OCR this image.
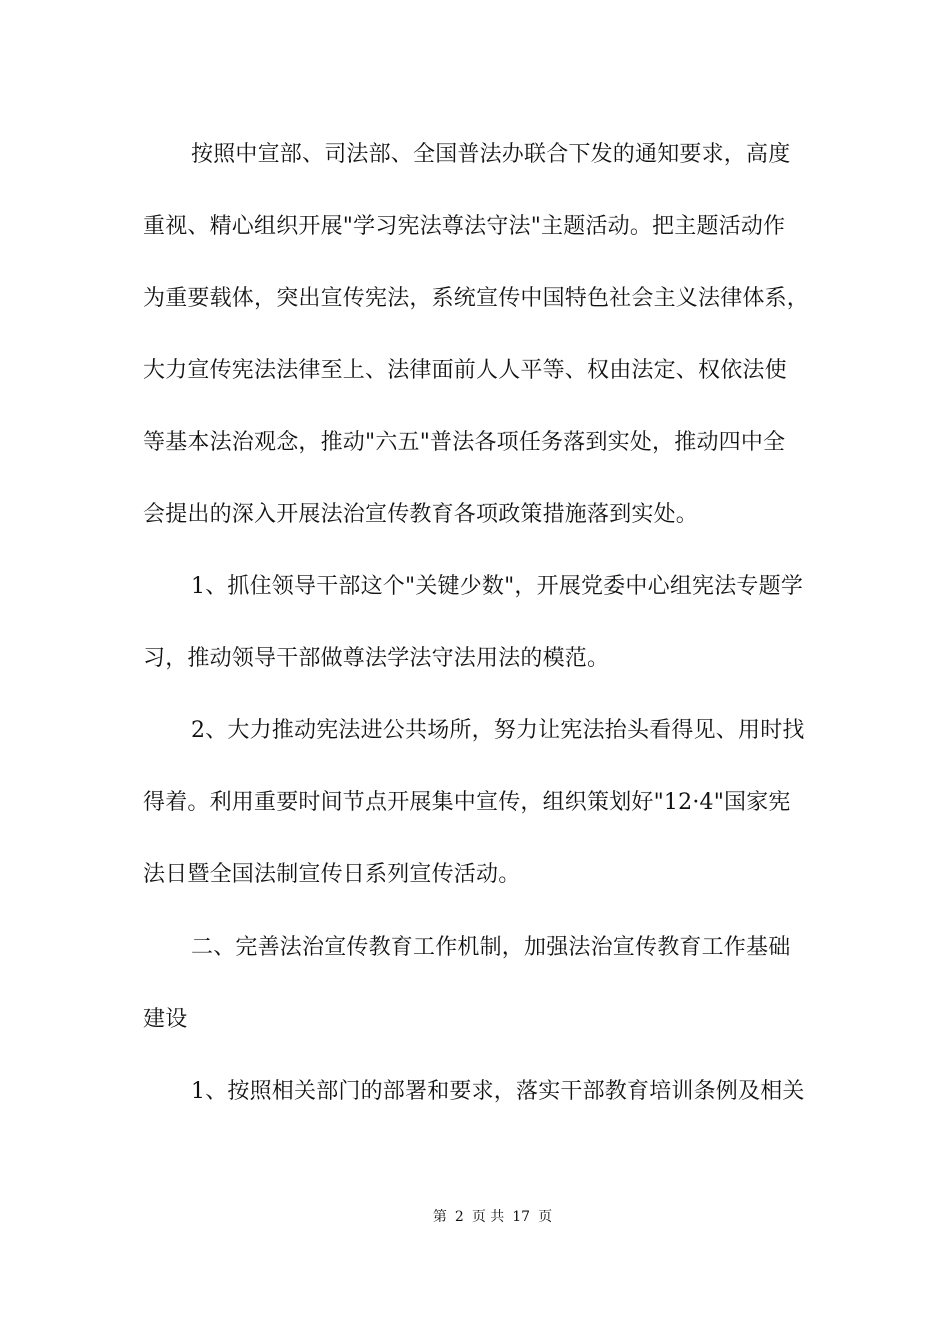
按照中宣部、司法部、全国普法办联合下发的通知要求，高度
重视、精心组织开展"学习宪法尊法守法"主题活动。把主题活动作
为重要载体，突出宣传宪法，系统宣传中国特色社会主义法律体系，
大力宣传宪法法律至上、法律面前人人平等、权由法定、权依法使
等基本法治观念，推动"六五"普法各项任务落到实处，推动四中全
会提出的深入开展法治宣传教育各项政策措施落到实处。
1、抓住领导干部这个"关键少数"，开展党委中心组宪法专题学
习，推动领导干部做尊法学法守法用法的模范。
2、大力推动宪法进公共场所，努力让宪法抬头看得见、用时找
得着。利用重要时间节点开展集中宣传，组织策划好"12·4"国家宪
法日暨全国法制宣传日系列宣传活动。
二、完善法治宣传教育工作机制，加强法治宣传教育工作基础
建设
1、按照相关部门的部署和要求，落实干部教育培训条例及相关
第 2 页 共 17 页
